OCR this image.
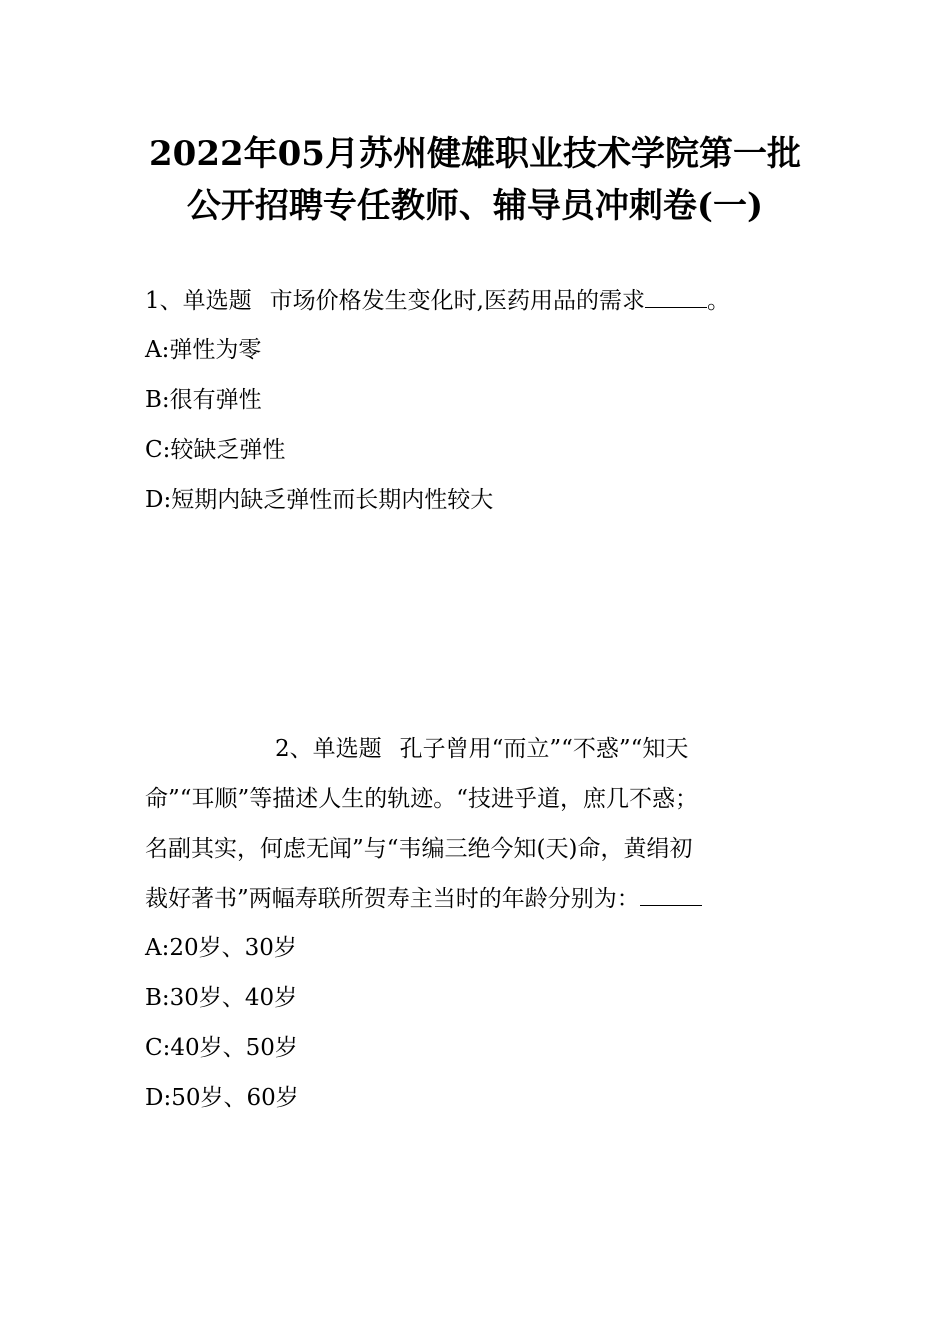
2022年05月苏州健雄职业技术学院第一批
公开招聘专任教师、辅导员冲刺卷(一)

1、单选题 市场价格发生变化时,医药用品的需求	。

A:弹性为零

B:很有弹性

C:较缺乏弹性

D:短期内缺乏弹性而长期内性较大

2、单选题 孔子曾用“而立”“不惑”“知天

命”“耳顺”等描述人生的轨迹。“技进乎道，庶几不惑；

名副其实，何虑无闻”与“韦编三绝今知(天)命，黄绢初

裁好著书”两幅寿联所贺寿主当时的年龄分别为：

A:20岁、30岁

B:30岁、40岁

C:40岁、50岁

D:50岁、60岁
